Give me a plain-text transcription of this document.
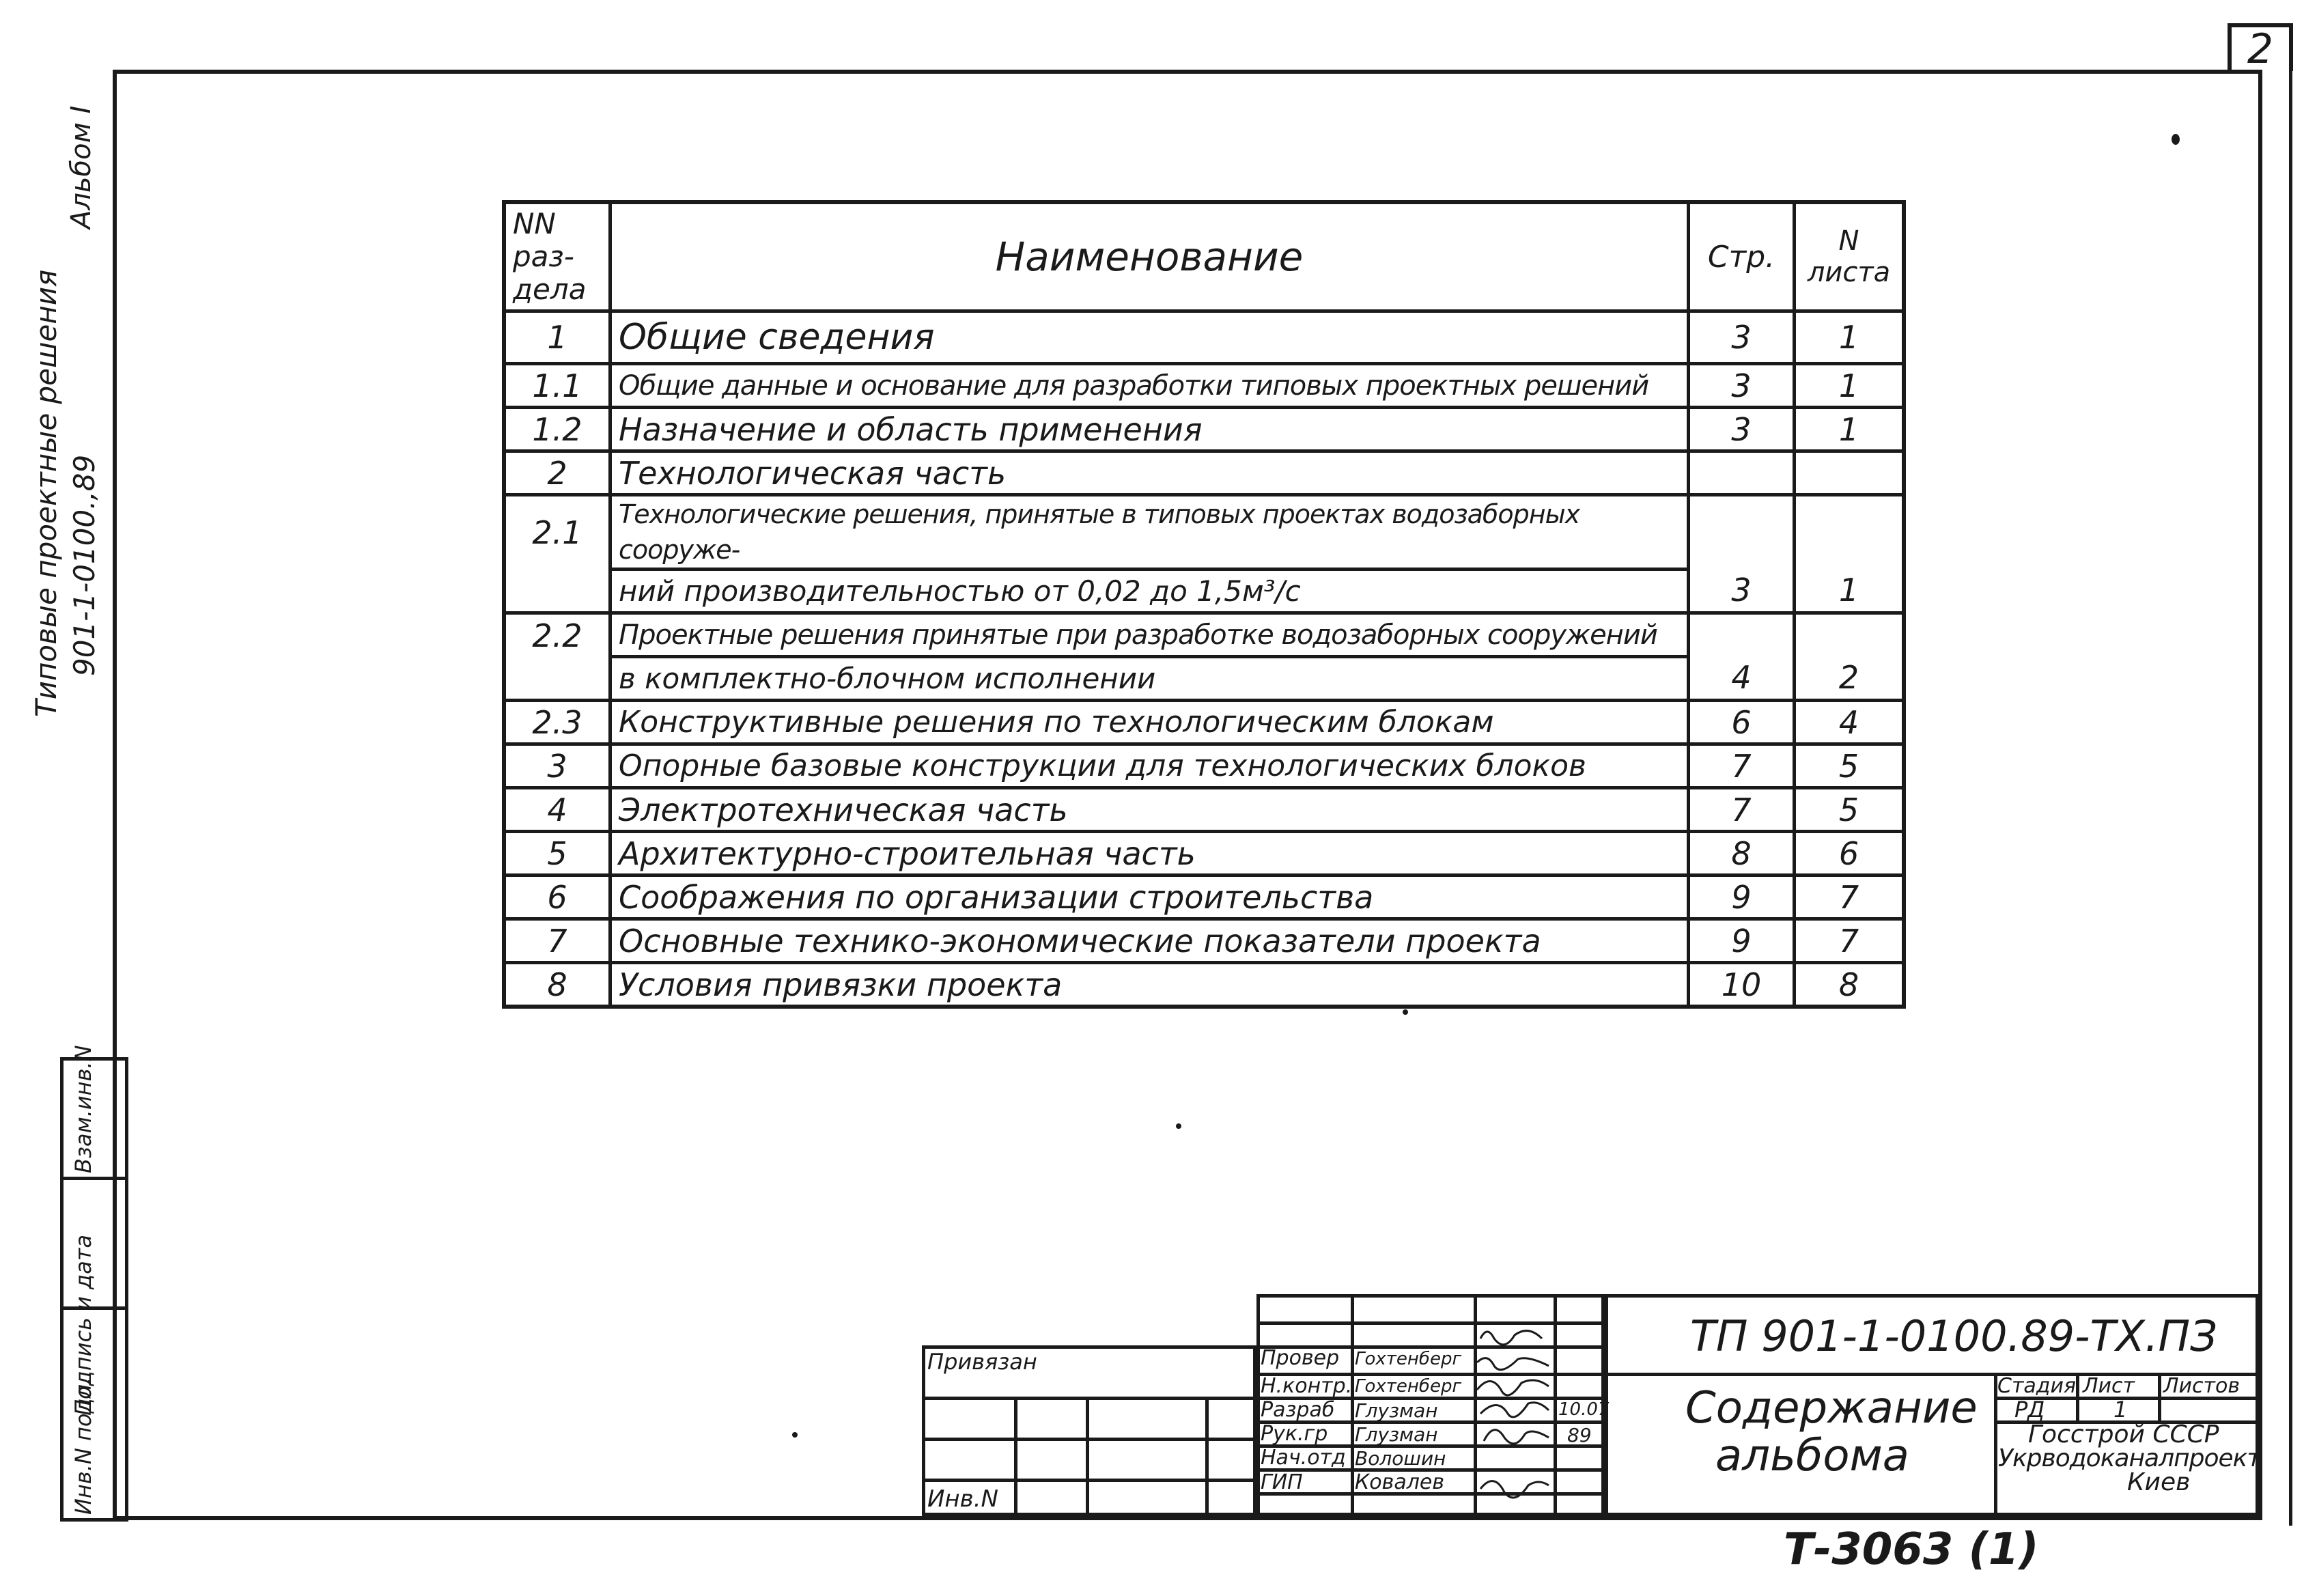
2
Типовые проектные решения 901-1-0100.,89
Альбом I
Инв.N подл.
Подпись и дата
Взам.инв.N
NN раз-дела	Наименование	Стр.	N листа
1	Общие сведения	3	1
1.1	Общие данные и основание для разработки типовых проектных решений	3	1
1.2	Назначение и область применения	3	1
2	Технологическая часть		
2.1	Технологические решения, принятые в типовых проектах водозаборных сооруже-		
	ний производительностью от 0,02 до 1,5м³/с	3	1
2.2	Проектные решения принятые при разработке водозаборных сооружений		
	в комплектно-блочном исполнении	4	2
2.3	Конструктивные решения по технологическим блокам	6	4
3	Опорные базовые конструкции для технологических блоков	7	5
4	Электротехническая часть	7	5
5	Архитектурно-строительная часть	8	6
6	Соображения по организации строительства	9	7
7	Основные технико-экономические показатели проекта	9	7
8	Условия привязки проекта	10	8
Привязан
Инв.N
Провер Гохтенберг
Н.контр. Гохтенберг
Разраб Глузман
Рук.гр Глузман
Нач.отд Волошин
ГИП	Ковалев
10.07
89
ТП 901-1-0100.89-ТХ.ПЗ
Содержание
альбома
Стадия Лист Листов
РД	1
Госстрой СССР
Укрводоканалпроект
Киев
Т-3063 (1)
